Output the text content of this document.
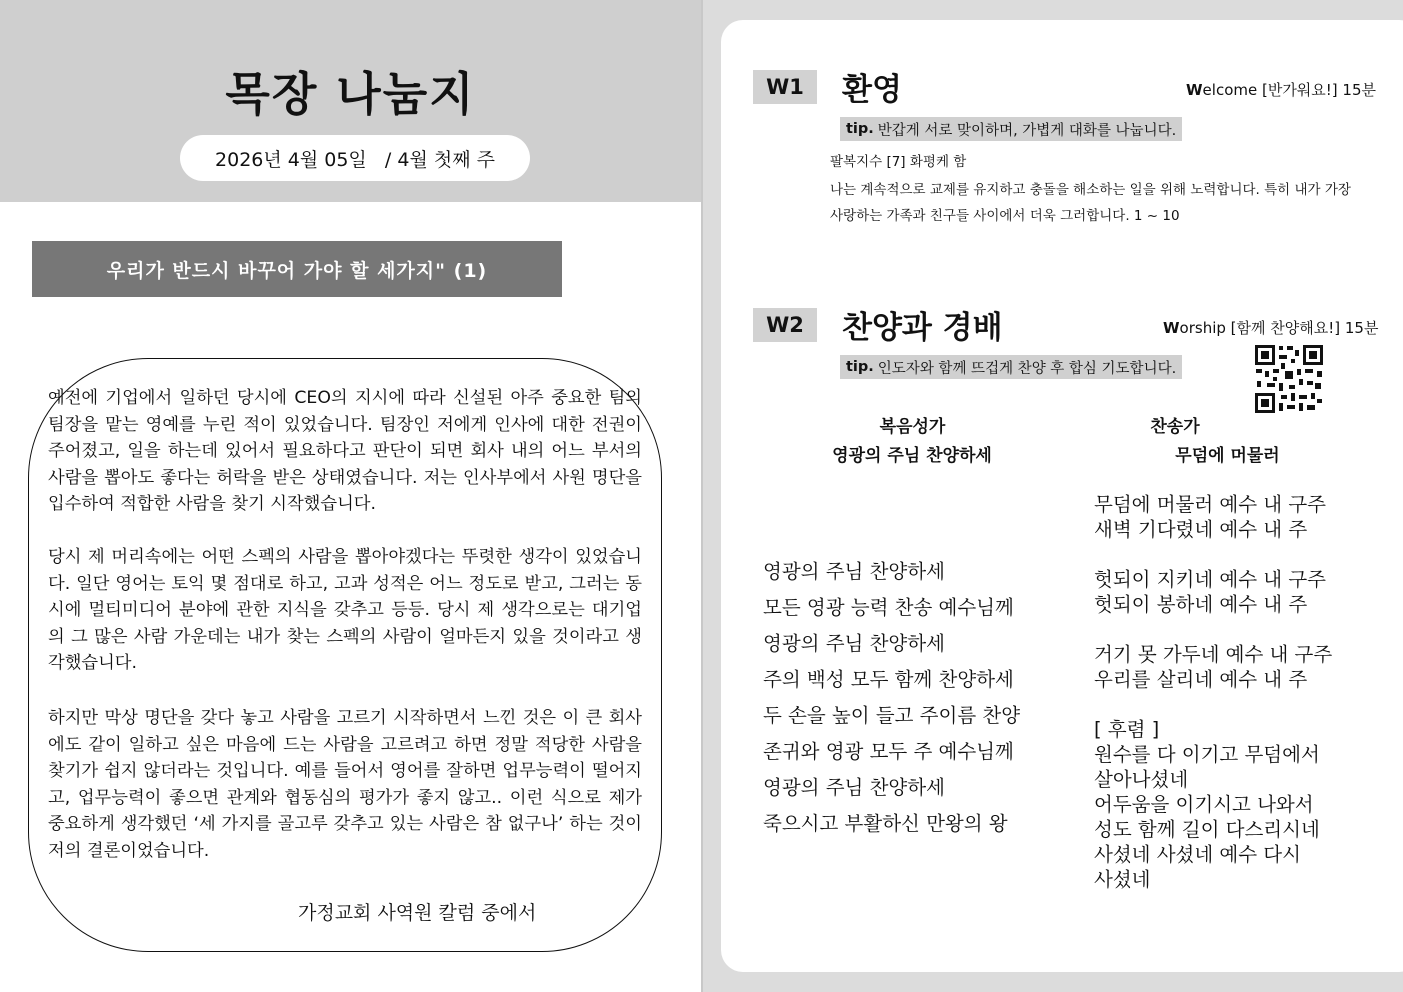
목장 나눔지
2026년 4월 05일
/ 4월 첫째 주
우리가 반드시 바꾸어 가야 할 세가지" (1)
예전에 기업에서 일하던 당시에 CEO의 지시에 따라 신설된 아주 중요한 팀의 팀장을 맡는 영예를 누린 적이 있었습니다. 팀장인 저에게 인사에 대한 전권이 주어졌고, 일을 하는데 있어서 필요하다고 판단이 되면 회사 내의 어느 부서의 사람을 뽑아도 좋다는 허락을 받은 상태였습니다. 저는 인사부에서 사원 명단을 입수하여 적합한 사람을 찾기 시작했습니다.
당시 제 머리속에는 어떤 스펙의 사람을 뽑아야겠다는 뚜렷한 생각이 있었습니다. 일단 영어는 토익 몇 점대로 하고, 고과 성적은 어느 정도로 받고, 그러는 동시에 멀티미디어 분야에 관한 지식을 갖추고 등등. 당시 제 생각으로는 대기업의 그 많은 사람 가운데는 내가 찾는 스펙의 사람이 얼마든지 있을 것이라고 생각했습니다.
하지만 막상 명단을 갖다 놓고 사람을 고르기 시작하면서 느낀 것은 이 큰 회사에도 같이 일하고 싶은 마음에 드는 사람을 고르려고 하면 정말 적당한 사람을 찾기가 쉽지 않더라는 것입니다. 예를 들어서 영어를 잘하면 업무능력이 떨어지고, 업무능력이 좋으면 관계와 협동심의 평가가 좋지 않고.. 이런 식으로 제가 중요하게 생각했던 ‘세 가지를 골고루 갖추고 있는 사람은 참 없구나’ 하는 것이 저의 결론이었습니다.
가정교회 사역원 칼럼 중에서
W1	환영	Welcome [반가워요!] 15분
tip. 반갑게 서로 맞이하며, 가볍게 대화를 나눕니다.
팔복지수 [7] 화평케 함
나는 계속적으로 교제를 유지하고 충돌을 해소하는 일을 위해 노력합니다. 특히 내가 가장 사랑하는 가족과 친구들 사이에서 더욱 그러합니다. 1 ~ 10
W2	찬양과 경배	Worship [함께 찬양해요!] 15분
tip. 인도자와 함께 뜨겁게 찬양 후 합심 기도합니다.
복음성가
영광의 주님 찬양하세
찬송가
무덤에 머물러
영광의 주님 찬양하세
모든 영광 능력 찬송 예수님께
영광의 주님 찬양하세
주의 백성 모두 함께 찬양하세
두 손을 높이 들고 주이름 찬양
존귀와 영광 모두 주 예수님께
영광의 주님 찬양하세
죽으시고 부활하신 만왕의 왕
무덤에 머물러 예수 내 구주
새벽 기다렸네 예수 내 주
헛되이 지키네 예수 내 구주
헛되이 봉하네 예수 내 주
거기 못 가두네 예수 내 구주
우리를 살리네 예수 내 주
[ 후렴 ]
원수를 다 이기고 무덤에서
살아나셨네
어두움을 이기시고 나와서
성도 함께 길이 다스리시네
사셨네 사셨네 예수 다시
사셨네
